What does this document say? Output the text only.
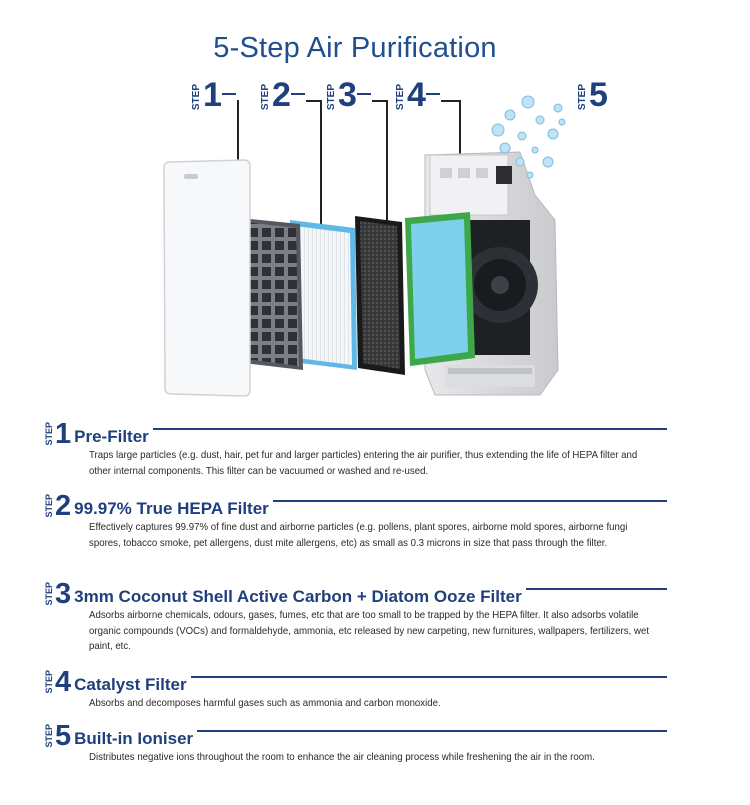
5-Step Air Purification
STEP 1	STEP 2	STEP 3	STEP 4	STEP 5
STEP 1 Pre-Filter
Traps large particles (e.g. dust, hair, pet fur and larger particles) entering the air purifier, thus extending the life of HEPA filter and other internal components. This filter can be vacuumed or washed and re-used.
STEP 2 99.97% True HEPA Filter
Effectively captures 99.97% of fine dust and airborne particles (e.g. pollens, plant spores, airborne mold spores, airborne fungi spores, tobacco smoke, pet allergens, dust mite allergens, etc) as small as 0.3 microns in size that pass through the filter.
STEP 3 3mm Coconut Shell Active Carbon + Diatom Ooze Filter
Adsorbs airborne chemicals, odours, gases, fumes, etc that are too small to be trapped by the HEPA filter. It also adsorbs volatile organic compounds (VOCs) and formaldehyde, ammonia, etc released by new carpeting, new furnitures, wallpapers, fertilizers, wet paint, etc.
STEP 4 Catalyst Filter
Absorbs and decomposes harmful gases such as ammonia and carbon monoxide.
STEP 5 Built-in Ioniser
Distributes negative ions throughout the room to enhance the air cleaning process while freshening the air in the room.
